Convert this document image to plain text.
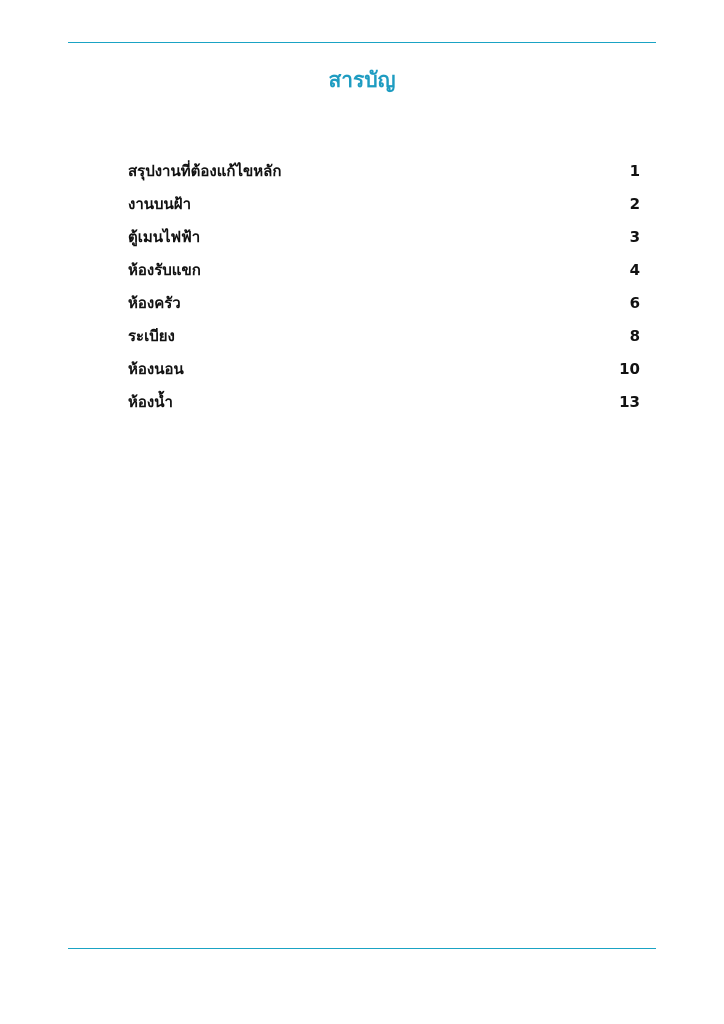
สารบัญ
สรุปงานที่ต้องแก้ไขหลัก	1
งานบนฝ้า	2
ตู้เมนไฟฟ้า	3
ห้องรับแขก	4
ห้องครัว	6
ระเบียง	8
ห้องนอน	10
ห้องน้ำ	13
